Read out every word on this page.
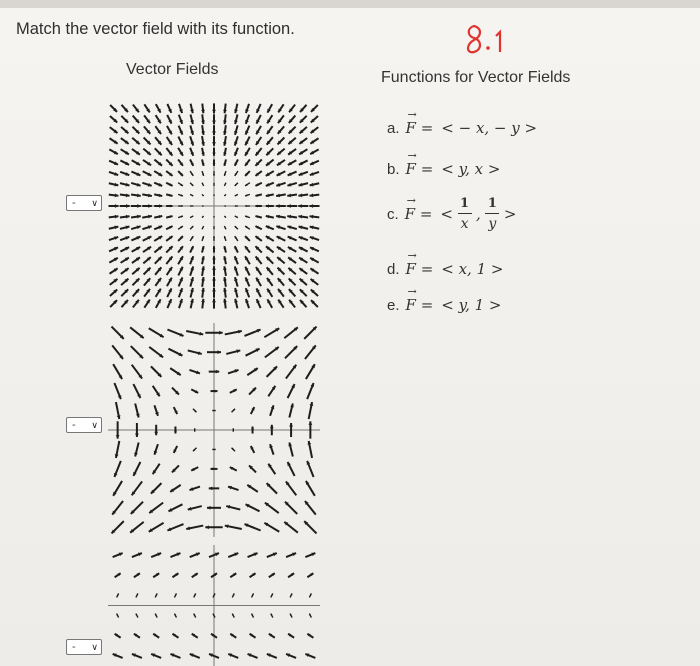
Match the vector field with its function.
Vector Fields	Functions for Vector Fields
- ∨
- ∨
- ∨
a. → F = < − x, − y >
b. → F = < y, x >
c. → F = < $\frac{1}{x}$ , $\frac{1}{y}$ >
d. → F = < x, 1 >
e. → F = < y, 1 >
